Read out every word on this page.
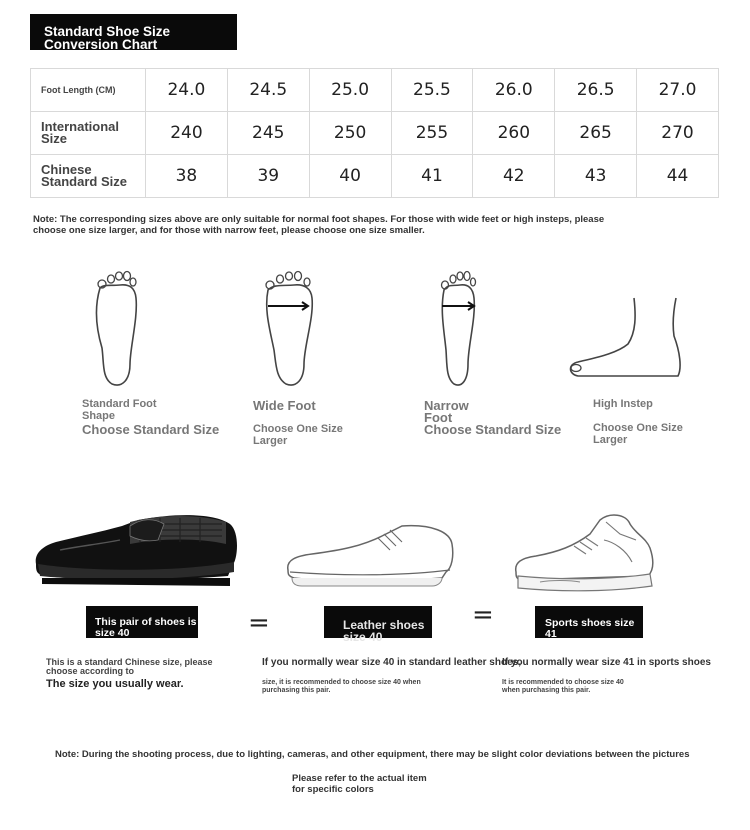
Standard Shoe Size Conversion Chart
Foot Length (CM)	24.0	24.5	25.0	25.5	26.0	26.5	27.0
International Size	240	245	250	255	260	265	270
Chinese Standard Size	38	39	40	41	42	43	44
Note: The corresponding sizes above are only suitable for normal foot shapes. For those with wide feet or high insteps, please choose one size larger, and for those with narrow feet, please choose one size smaller.
Standard Foot Shape
Choose Standard Size
Wide Foot
Choose One Size Larger
Narrow Foot
Choose Standard Size
High Instep
Choose One Size Larger
This pair of shoes is size 40	=	Leather shoes size 40
=	Sports shoes size 41
This is a standard Chinese size, please choose according to
The size you usually wear.
If you normally wear size 40 in standard leather shoes,
size, it is recommended to choose size 40 when purchasing this pair.
If you normally wear size 41 in sports shoes
It is recommended to choose size 40 when purchasing this pair.
Note: During the shooting process, due to lighting, cameras, and other equipment, there may be slight color deviations between the pictures
Please refer to the actual item for specific colors
